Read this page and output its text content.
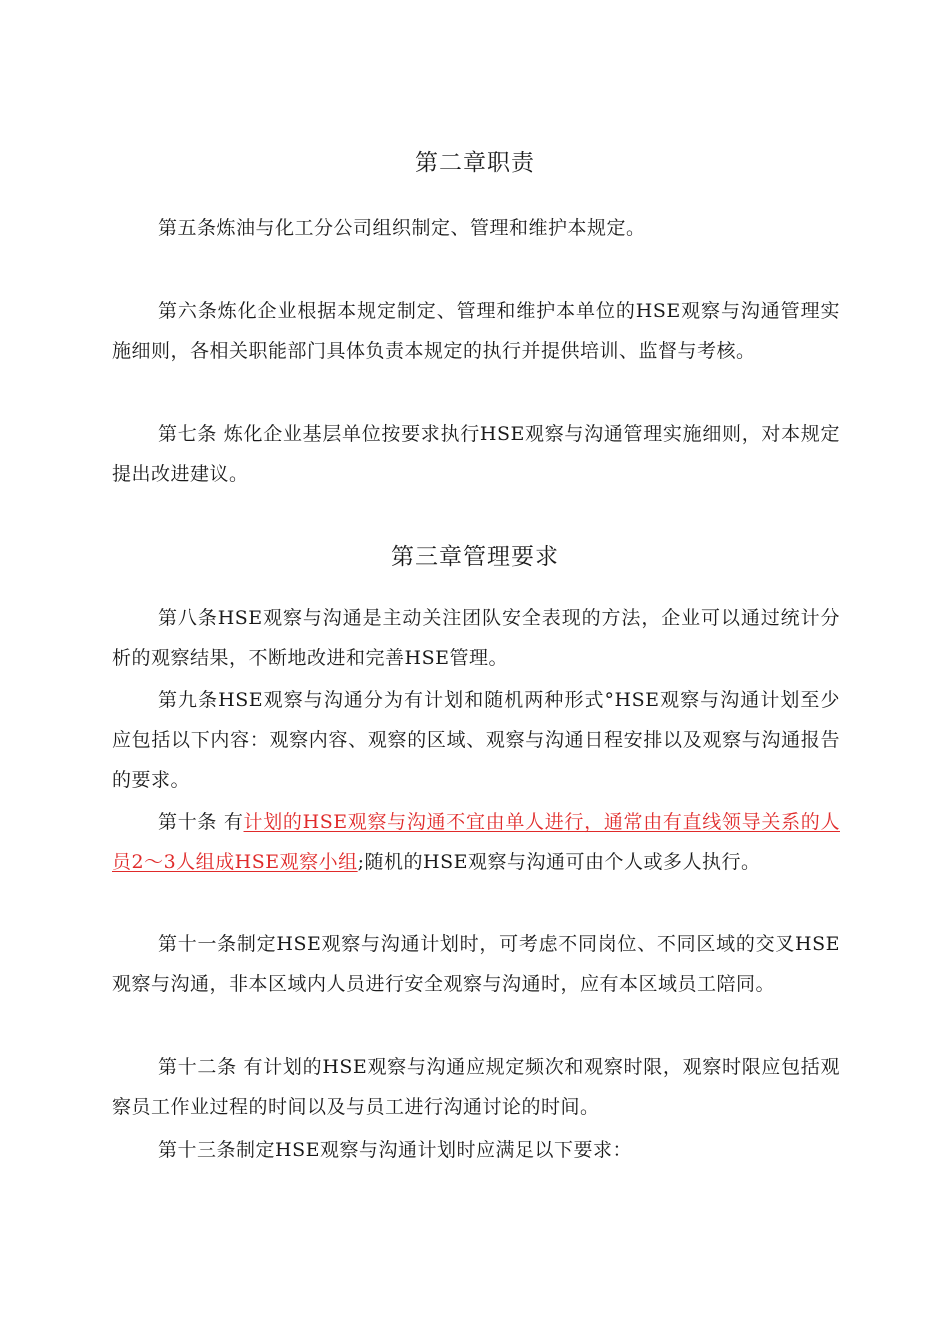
第二章职责

第五条炼油与化工分公司组织制定、管理和维护本规定。

第六条炼化企业根据本规定制定、管理和维护本单位的HSE观察与沟通管理实施细则，各相关职能部门具体负责本规定的执行并提供培训、监督与考核。

第七条 炼化企业基层单位按要求执行HSE观察与沟通管理实施细则，对本规定提出改进建议。

第三章管理要求

第八条HSE观察与沟通是主动关注团队安全表现的方法，企业可以通过统计分析的观察结果，不断地改进和完善HSE管理。

第九条HSE观察与沟通分为有计划和随机两种形式°HSE观察与沟通计划至少应包括以下内容：观察内容、观察的区域、观察与沟通日程安排以及观察与沟通报告的要求。

第十条 有计划的HSE观察与沟通不宜由单人进行，通常由有直线领导关系的人员2〜3人组成HSE观察小组;随机的HSE观察与沟通可由个人或多人执行。

第十一条制定HSE观察与沟通计划时，可考虑不同岗位、不同区域的交叉HSE观察与沟通，非本区域内人员进行安全观察与沟通时，应有本区域员工陪同。

第十二条 有计划的HSE观察与沟通应规定频次和观察时限，观察时限应包括观察员工作业过程的时间以及与员工进行沟通讨论的时间。

第十三条制定HSE观察与沟通计划时应满足以下要求：
